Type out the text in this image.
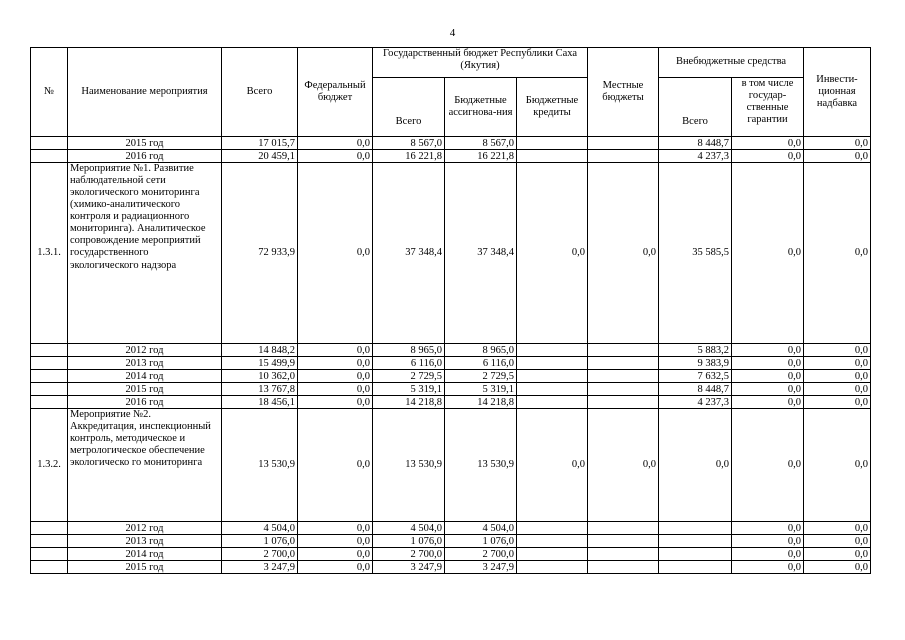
4
№	Наименование мероприятия	Всего	Федеральный бюджет	Государственный бюджет Республики Саха (Якутия)			Местные бюджеты	Внебюджетные средства		Инвести-ционная надбавка
				Всего	Бюджетные ассигнова-ния	Бюджетные кредиты		Всего	в том числе государ-ственные гарантии	
	2015 год	17 015,7	0,0	8 567,0	8 567,0			8 448,7	0,0	0,0
	2016 год	20 459,1	0,0	16 221,8	16 221,8			4 237,3	0,0	0,0
1.3.1.	Мероприятие №1. Развитие наблюдательной сети экологического мониторинга (химико-аналитического контроля и радиационного мониторинга). Аналитическое сопровождение мероприятий государственного экологического надзора	72 933,9	0,0	37 348,4	37 348,4	0,0	0,0	35 585,5	0,0	0,0
	2012 год	14 848,2	0,0	8 965,0	8 965,0			5 883,2	0,0	0,0
	2013 год	15 499,9	0,0	6 116,0	6 116,0			9 383,9	0,0	0,0
	2014 год	10 362,0	0,0	2 729,5	2 729,5			7 632,5	0,0	0,0
	2015 год	13 767,8	0,0	5 319,1	5 319,1			8 448,7	0,0	0,0
	2016 год	18 456,1	0,0	14 218,8	14 218,8			4 237,3	0,0	0,0
1.3.2.	Мероприятие №2. Аккредитация, инспекционный контроль, методическое и метрологическое обеспечение экологическо го мониторинга	13 530,9	0,0	13 530,9	13 530,9	0,0	0,0	0,0	0,0	0,0
	2012 год	4 504,0	0,0	4 504,0	4 504,0				0,0	0,0
	2013 год	1 076,0	0,0	1 076,0	1 076,0				0,0	0,0
	2014 год	2 700,0	0,0	2 700,0	2 700,0				0,0	0,0
	2015 год	3 247,9	0,0	3 247,9	3 247,9				0,0	0,0
